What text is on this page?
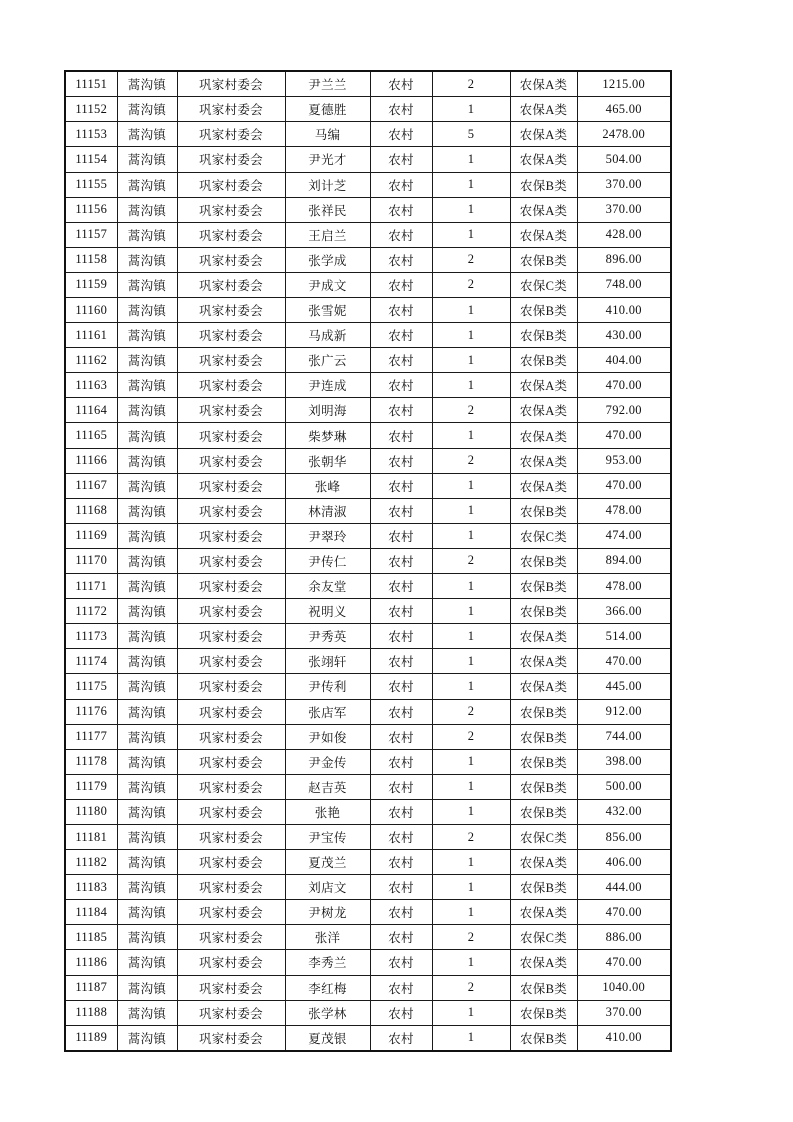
11151	蒿沟镇	巩家村委会	尹兰兰	农村	2	农保A类	1215.00
11152	蒿沟镇	巩家村委会	夏德胜	农村	1	农保A类	465.00
11153	蒿沟镇	巩家村委会	马编	农村	5	农保A类	2478.00
11154	蒿沟镇	巩家村委会	尹光才	农村	1	农保A类	504.00
11155	蒿沟镇	巩家村委会	刘计芝	农村	1	农保B类	370.00
11156	蒿沟镇	巩家村委会	张祥民	农村	1	农保A类	370.00
11157	蒿沟镇	巩家村委会	王启兰	农村	1	农保A类	428.00
11158	蒿沟镇	巩家村委会	张学成	农村	2	农保B类	896.00
11159	蒿沟镇	巩家村委会	尹成文	农村	2	农保C类	748.00
11160	蒿沟镇	巩家村委会	张雪妮	农村	1	农保B类	410.00
11161	蒿沟镇	巩家村委会	马成新	农村	1	农保B类	430.00
11162	蒿沟镇	巩家村委会	张广云	农村	1	农保B类	404.00
11163	蒿沟镇	巩家村委会	尹连成	农村	1	农保A类	470.00
11164	蒿沟镇	巩家村委会	刘明海	农村	2	农保A类	792.00
11165	蒿沟镇	巩家村委会	柴梦琳	农村	1	农保A类	470.00
11166	蒿沟镇	巩家村委会	张朝华	农村	2	农保A类	953.00
11167	蒿沟镇	巩家村委会	张峰	农村	1	农保A类	470.00
11168	蒿沟镇	巩家村委会	林清淑	农村	1	农保B类	478.00
11169	蒿沟镇	巩家村委会	尹翠玲	农村	1	农保C类	474.00
11170	蒿沟镇	巩家村委会	尹传仁	农村	2	农保B类	894.00
11171	蒿沟镇	巩家村委会	余友堂	农村	1	农保B类	478.00
11172	蒿沟镇	巩家村委会	祝明义	农村	1	农保B类	366.00
11173	蒿沟镇	巩家村委会	尹秀英	农村	1	农保A类	514.00
11174	蒿沟镇	巩家村委会	张翊轩	农村	1	农保A类	470.00
11175	蒿沟镇	巩家村委会	尹传利	农村	1	农保A类	445.00
11176	蒿沟镇	巩家村委会	张店军	农村	2	农保B类	912.00
11177	蒿沟镇	巩家村委会	尹如俊	农村	2	农保B类	744.00
11178	蒿沟镇	巩家村委会	尹金传	农村	1	农保B类	398.00
11179	蒿沟镇	巩家村委会	赵吉英	农村	1	农保B类	500.00
11180	蒿沟镇	巩家村委会	张艳	农村	1	农保B类	432.00
11181	蒿沟镇	巩家村委会	尹宝传	农村	2	农保C类	856.00
11182	蒿沟镇	巩家村委会	夏茂兰	农村	1	农保A类	406.00
11183	蒿沟镇	巩家村委会	刘店文	农村	1	农保B类	444.00
11184	蒿沟镇	巩家村委会	尹树龙	农村	1	农保A类	470.00
11185	蒿沟镇	巩家村委会	张洋	农村	2	农保C类	886.00
11186	蒿沟镇	巩家村委会	李秀兰	农村	1	农保A类	470.00
11187	蒿沟镇	巩家村委会	李红梅	农村	2	农保B类	1040.00
11188	蒿沟镇	巩家村委会	张学林	农村	1	农保B类	370.00
11189	蒿沟镇	巩家村委会	夏茂银	农村	1	农保B类	410.00
